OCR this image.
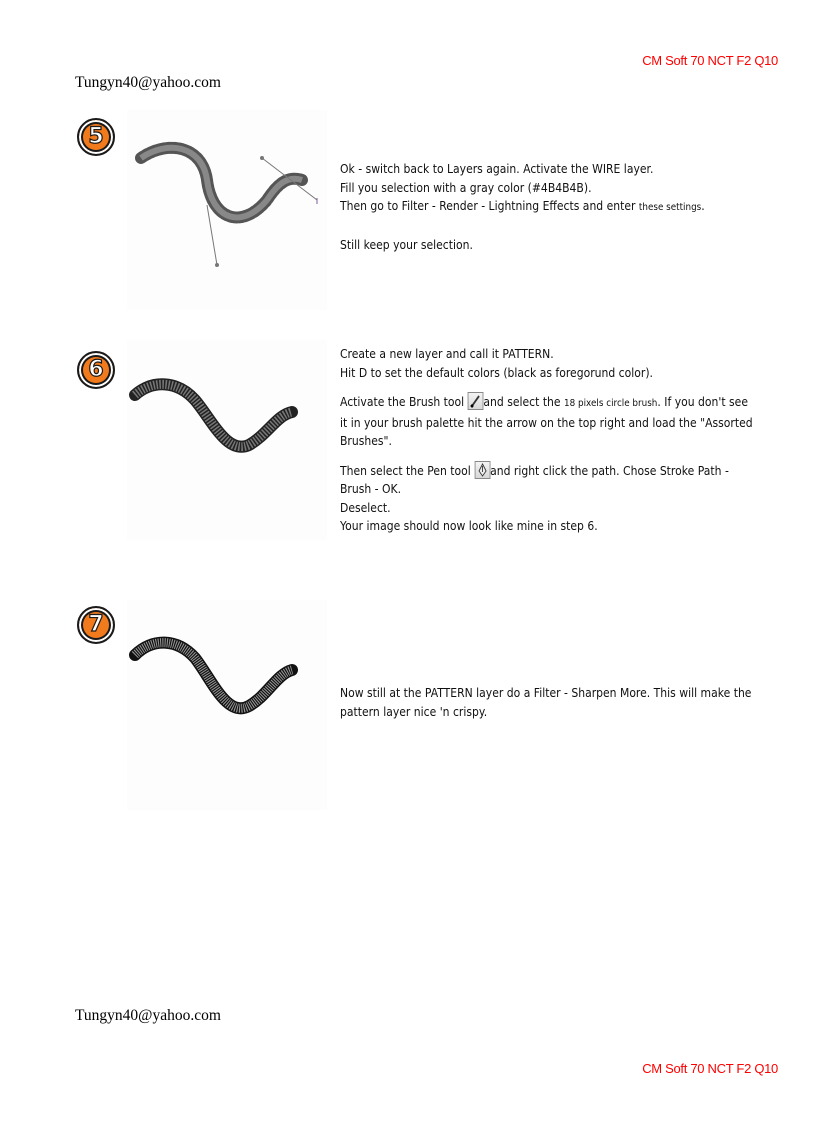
CM Soft 70 NCT F2 Q10
Tungyn40@yahoo.com
5

Ok - switch back to Layers again. Activate the WIRE layer.

Fill you selection with a gray color (#4B4B4B).

Then go to Filter - Render - Lightning Effects and enter these settings.

Still keep your selection.

6

Create a new layer and call it PATTERN.

Hit D to set the default colors (black as foregorund color).

Activate the Brush tool
and select the 18 pixels circle brush. If you don't see it in your brush palette hit the arrow on the top right and load the "Assorted Brushes".

Then select the Pen tool
and right click the path. Chose Stroke Path - Brush - OK.

Deselect.

Your image should now look like mine in step 6.

7

Now still at the PATTERN layer do a Filter - Sharpen More. This will make the pattern layer nice 'n crispy.

Tungyn40@yahoo.com
CM Soft 70 NCT F2 Q10
